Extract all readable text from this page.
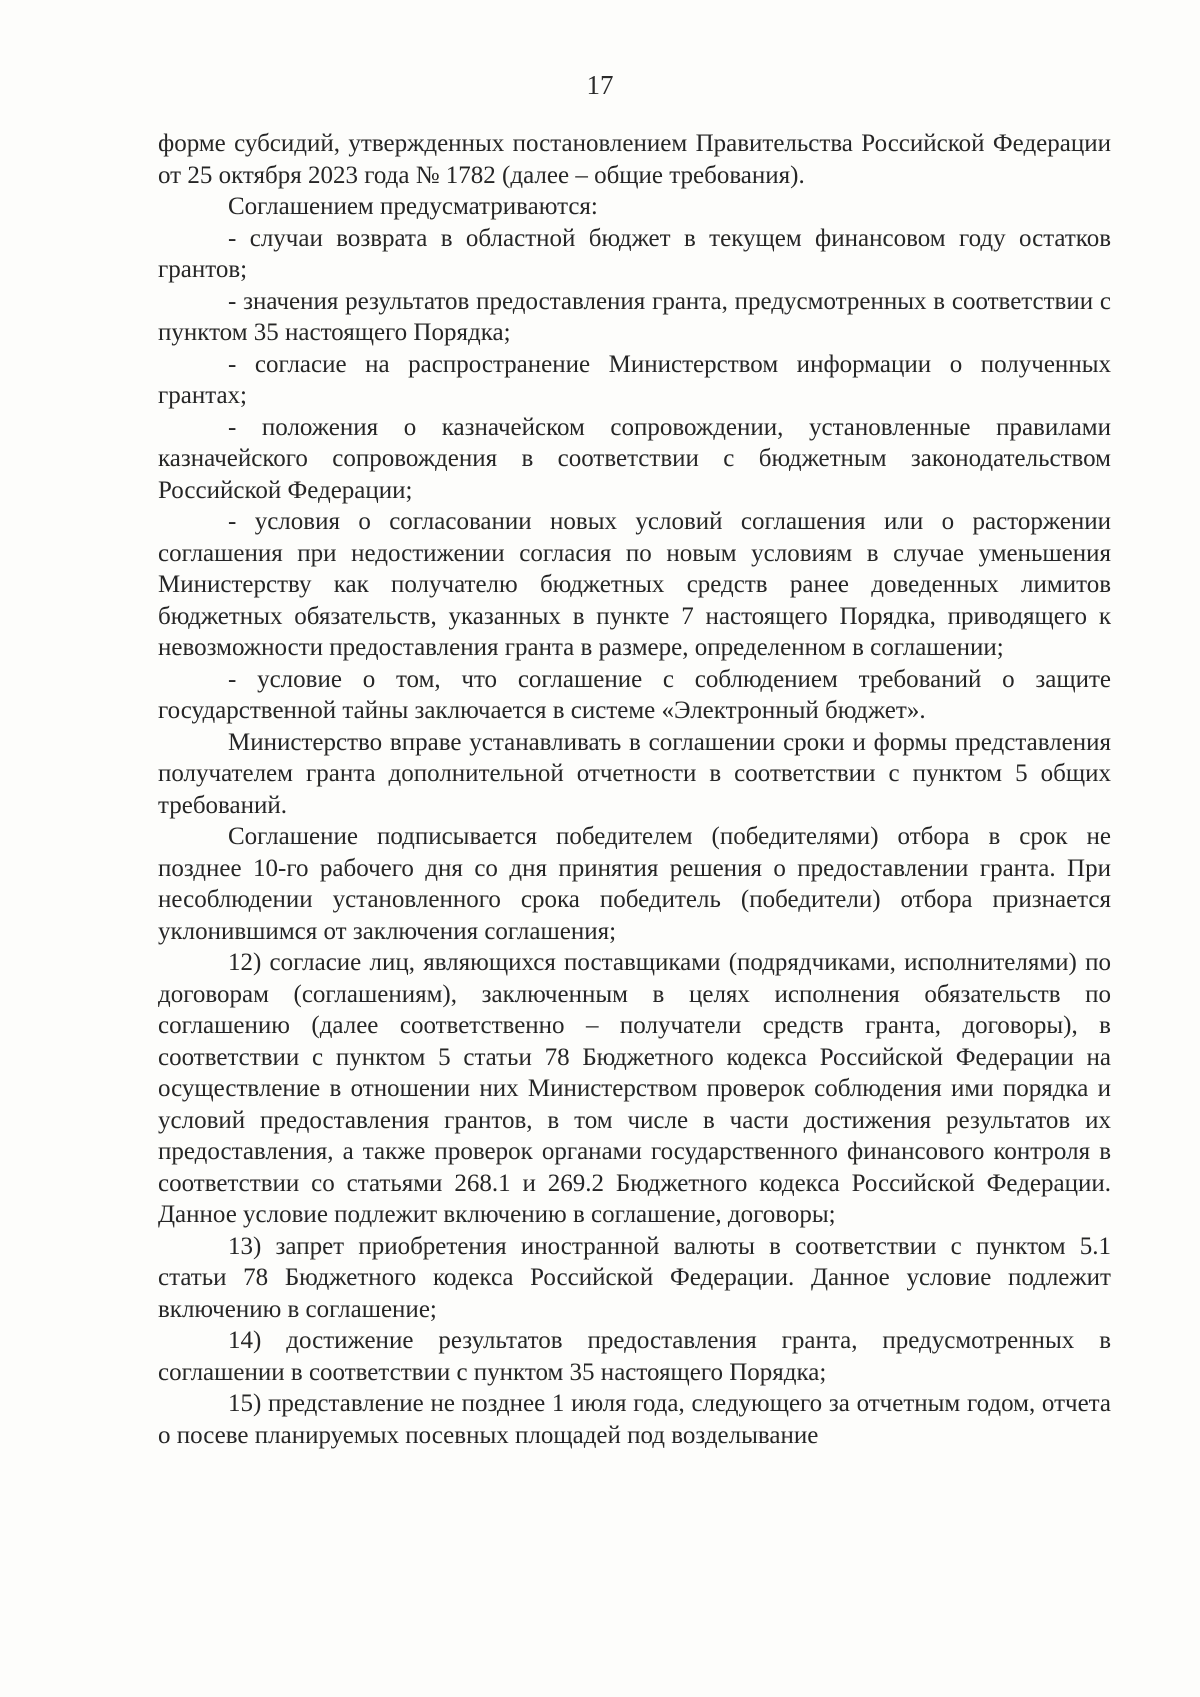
17

форме субсидий, утвержденных постановлением Правительства Российской Федерации от 25 октября 2023 года № 1782 (далее – общие требования).

Соглашением предусматриваются:

- случаи возврата в областной бюджет в текущем финансовом году остатков грантов;

- значения результатов предоставления гранта, предусмотренных в соответствии с пунктом 35 настоящего Порядка;

- согласие на распространение Министерством информации о полученных грантах;

- положения о казначейском сопровождении, установленные правилами казначейского сопровождения в соответствии с бюджетным законодательством Российской Федерации;

- условия о согласовании новых условий соглашения или о расторжении соглашения при недостижении согласия по новым условиям в случае уменьшения Министерству как получателю бюджетных средств ранее доведенных лимитов бюджетных обязательств, указанных в пункте 7 настоящего Порядка, приводящего к невозможности предоставления гранта в размере, определенном в соглашении;

- условие о том, что соглашение с соблюдением требований о защите государственной тайны заключается в системе «Электронный бюджет».

Министерство вправе устанавливать в соглашении сроки и формы представления получателем гранта дополнительной отчетности в соответствии с пунктом 5 общих требований.

Соглашение подписывается победителем (победителями) отбора в срок не позднее 10-го рабочего дня со дня принятия решения о предоставлении гранта. При несоблюдении установленного срока победитель (победители) отбора признается уклонившимся от заключения соглашения;

12) согласие лиц, являющихся поставщиками (подрядчиками, исполнителями) по договорам (соглашениям), заключенным в целях исполнения обязательств по соглашению (далее соответственно – получатели средств гранта, договоры), в соответствии с пунктом 5 статьи 78 Бюджетного кодекса Российской Федерации на осуществление в отношении них Министерством проверок соблюдения ими порядка и условий предоставления грантов, в том числе в части достижения результатов их предоставления, а также проверок органами государственного финансового контроля в соответствии со статьями 268.1 и 269.2 Бюджетного кодекса Российской Федерации. Данное условие подлежит включению в соглашение, договоры;

13) запрет приобретения иностранной валюты в соответствии с пунктом 5.1 статьи 78 Бюджетного кодекса Российской Федерации. Данное условие подлежит включению в соглашение;

14) достижение результатов предоставления гранта, предусмотренных в соглашении в соответствии с пунктом 35 настоящего Порядка;

15) представление не позднее 1 июля года, следующего за отчетным годом, отчета о посеве планируемых посевных площадей под возделывание
